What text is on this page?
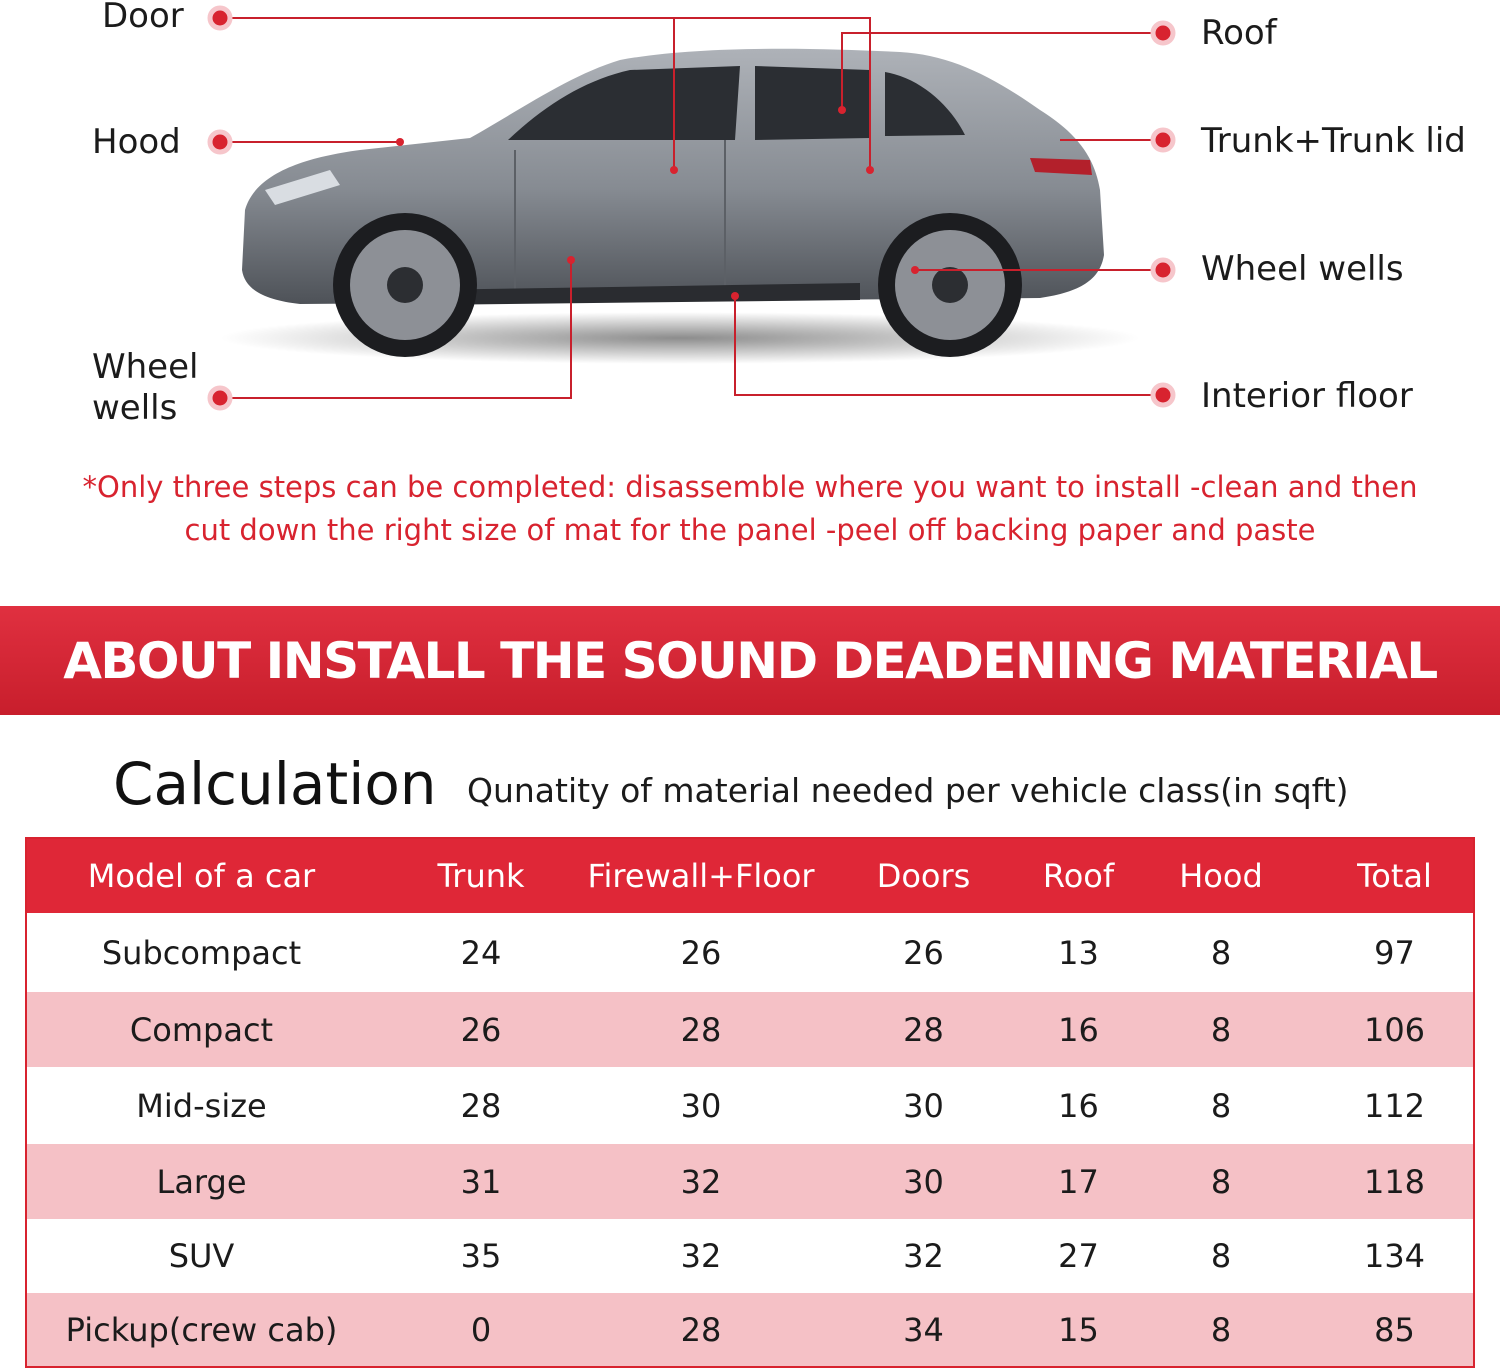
Door
Hood
Wheel
wells
Roof
Trunk+Trunk lid
Wheel wells
Interior floor
*Only three steps can be completed: disassemble where you want to install -clean and then cut down the right size of mat for the panel -peel off backing paper and paste
ABOUT INSTALL THE SOUND DEADENING MATERIAL
Calculation Qunatity of material needed per vehicle class(in sqft)
Model of a car	Trunk	Firewall+Floor	Doors	Roof	Hood	Total
Subcompact	24	26	26	13	8	97
Compact	26	28	28	16	8	106
Mid-size	28	30	30	16	8	112
Large	31	32	30	17	8	118
SUV	35	32	32	27	8	134
Pickup(crew cab)	0	28	34	15	8	85
